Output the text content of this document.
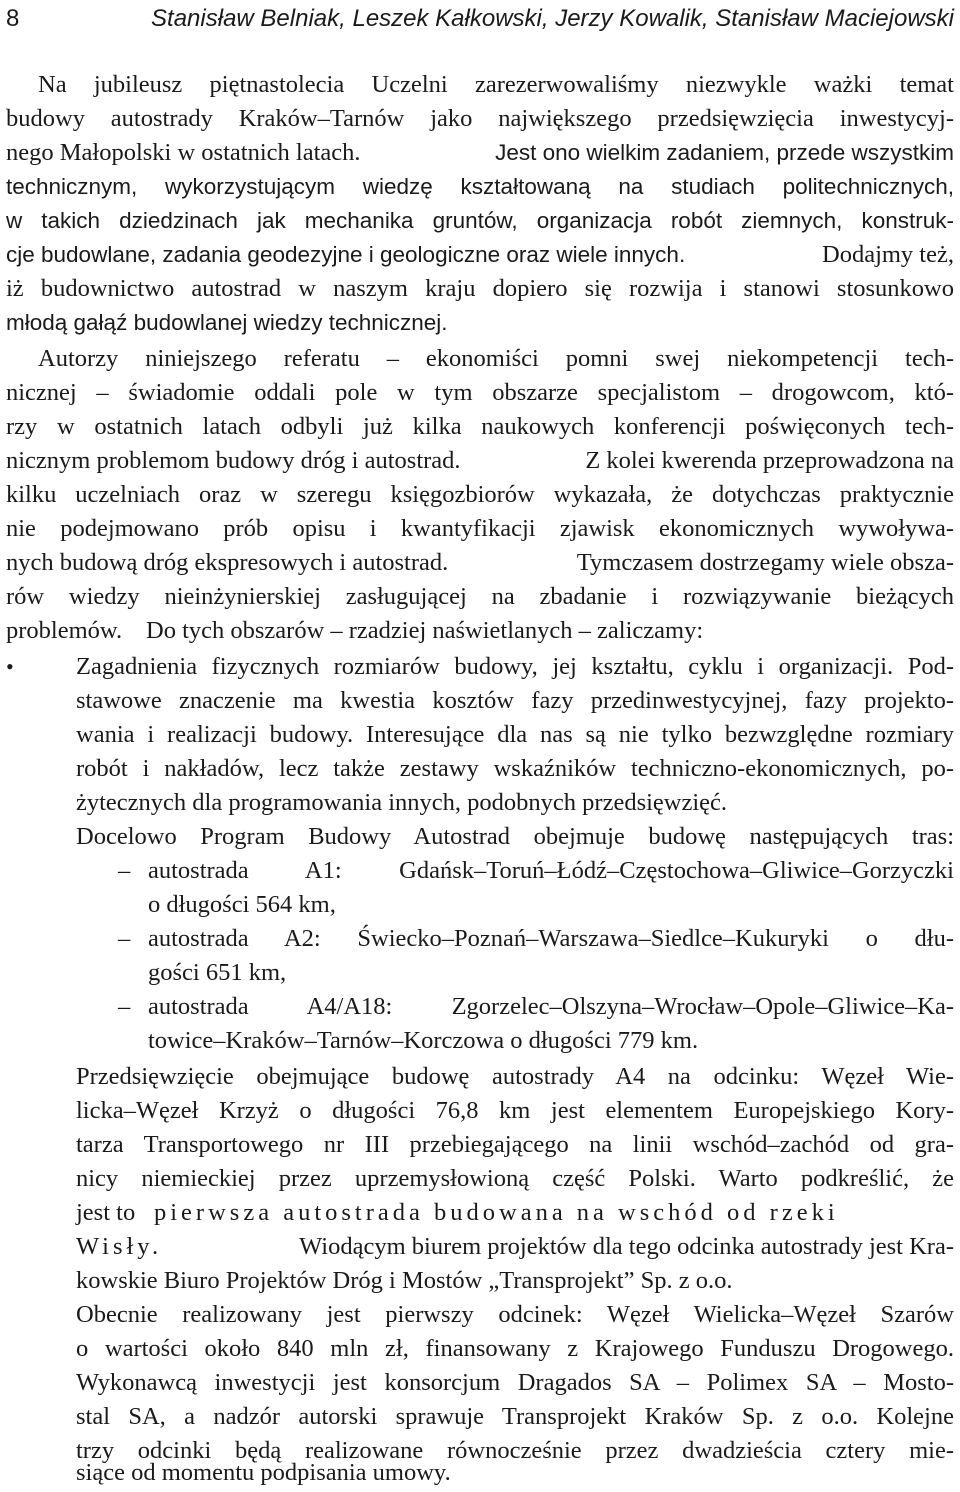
8	Stanisław Belniak, Leszek Kałkowski, Jerzy Kowalik, Stanisław Maciejowski
Na jubileusz piętnastolecia Uczelni zarezerwowaliśmy niezwykle ważki temat
budowy autostrady Kraków–Tarnów jako największego przedsięwzięcia inwestycyj-
nego Małopolski w ostatnich latach.	Jest ono wielkim zadaniem, przede wszystkim
technicznym, wykorzystującym wiedzę kształtowaną na studiach politechnicznych,
w takich dziedzinach jak mechanika gruntów, organizacja robót ziemnych, konstruk-
cje budowlane, zadania geodezyjne i geologiczne oraz wiele innych.	Dodajmy też,
iż budownictwo autostrad w naszym kraju dopiero się rozwija i stanowi stosunkowo
młodą gałąź budowlanej wiedzy technicznej.
Autorzy niniejszego referatu – ekonomiści pomni swej niekompetencji tech-
nicznej – świadomie oddali pole w tym obszarze specjalistom – drogowcom, któ-
rzy w ostatnich latach odbyli już kilka naukowych konferencji poświęconych tech-
nicznym problemom budowy dróg i autostrad.	Z kolei kwerenda przeprowadzona na
kilku uczelniach oraz w szeregu księgozbiorów wykazała, że dotychczas praktycznie
nie podejmowano prób opisu i kwantyfikacji zjawisk ekonomicznych wywoływa-
nych budową dróg ekspresowych i autostrad.	Tymczasem dostrzegamy wiele obsza-
rów wiedzy nieinżynierskiej zasługującej na zbadanie i rozwiązywanie bieżących
problemów. Do tych obszarów – rzadziej naświetlanych – zaliczamy:
•	Zagadnienia fizycznych rozmiarów budowy, jej kształtu, cyklu i organizacji. Pod-
stawowe znaczenie ma kwestia kosztów fazy przedinwestycyjnej, fazy projekto-
wania i realizacji budowy. Interesujące dla nas są nie tylko bezwzględne rozmiary
robót i nakładów, lecz także zestawy wskaźników techniczno-ekonomicznych, po-
żytecznych dla programowania innych, podobnych przedsięwzięć.
Docelowo Program Budowy Autostrad obejmuje budowę następujących tras:
– autostrada A1: Gdańsk–Toruń–Łódź–Częstochowa–Gliwice–Gorzyczki
o długości 564 km,
– autostrada A2: Świecko–Poznań–Warszawa–Siedlce–Kukuryki o dłu-
gości 651 km,
– autostrada A4/A18: Zgorzelec–Olszyna–Wrocław–Opole–Gliwice–Ka-
towice–Kraków–Tarnów–Korczowa o długości 779 km.
Przedsięwzięcie obejmujące budowę autostrady A4 na odcinku: Węzeł Wie-
licka–Węzeł Krzyż o długości 76,8 km jest elementem Europejskiego Kory-
tarza Transportowego nr III przebiegającego na linii wschód–zachód od gra-
nicy niemieckiej przez uprzemysłowioną część Polski. Warto podkreślić, że
jest to pierwsza autostrada budowana na wschód od rzeki
Wisły.	Wiodącym biurem projektów dla tego odcinka autostrady jest Kra-
kowskie Biuro Projektów Dróg i Mostów „Transprojekt” Sp. z o.o.
Obecnie realizowany jest pierwszy odcinek: Węzeł Wielicka–Węzeł Szarów
o wartości około 840 mln zł, finansowany z Krajowego Funduszu Drogowego.
Wykonawcą inwestycji jest konsorcjum Dragados SA – Polimex SA – Mosto-
stal SA, a nadzór autorski sprawuje Transprojekt Kraków Sp. z o.o. Kolejne
trzy odcinki będą realizowane równocześnie przez dwadzieścia cztery mie-
siące od momentu podpisania umowy.
